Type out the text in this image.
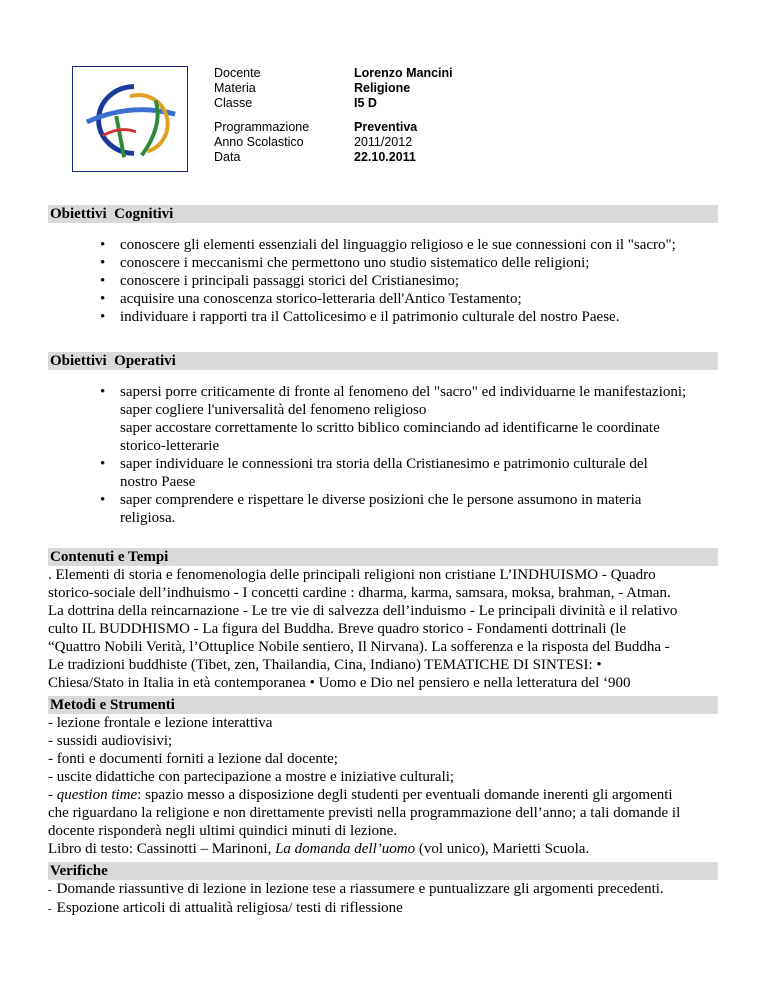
Docente
Materia
Classe
Lorenzo Mancini
Religione
I5 D
Programmazione
Anno Scolastico
Data
Preventiva
2011/2012
22.10.2011
Obiettivi  Cognitivi
• conoscere gli elementi essenziali del linguaggio religioso e le sue connessioni con il "sacro";
• conoscere i meccanismi che permettono uno studio sistematico delle religioni;
• conoscere i principali passaggi storici del Cristianesimo;
• acquisire una conoscenza storico-letteraria dell'Antico Testamento;
• individuare i rapporti tra il Cattolicesimo e il patrimonio culturale del nostro Paese.
Obiettivi  Operativi
• sapersi porre criticamente di fronte al fenomeno del "sacro" ed individuarne le manifestazioni;
saper cogliere l'universalità del fenomeno religioso
saper accostare correttamente lo scritto biblico cominciando ad identificarne le coordinate
storico-letterarie
• saper individuare le connessioni tra storia della Cristianesimo e patrimonio culturale del
nostro Paese
• saper comprendere e rispettare le diverse posizioni che le persone assumono in materia
religiosa.
Contenuti e Tempi
. Elementi di storia e fenomenologia delle principali religioni non cristiane L’INDHUISMO - Quadro
storico-sociale dell’indhuismo - I concetti cardine : dharma, karma, samsara, moksa, brahman, - Atman.
La dottrina della reincarnazione - Le tre vie di salvezza dell’induismo - Le principali divinità e il relativo
culto IL BUDDHISMO - La figura del Buddha. Breve quadro storico - Fondamenti dottrinali (le
“Quattro Nobili Verità, l’Ottuplice Nobile sentiero, Il Nirvana). La sofferenza e la risposta del Buddha -
Le tradizioni buddhiste (Tibet, zen, Thailandia, Cina, Indiano) TEMATICHE DI SINTESI: •
Chiesa/Stato in Italia in età contemporanea • Uomo e Dio nel pensiero e nella letteratura del ‘900
Metodi e Strumenti
- lezione frontale e lezione interattiva
- sussidi audiovisivi;
- fonti e documenti forniti a lezione dal docente;
- uscite didattiche con partecipazione a mostre e iniziative culturali;
- question time: spazio messo a disposizione degli studenti per eventuali domande inerenti gli argomenti
che riguardano la religione e non direttamente previsti nella programmazione dell’anno; a tali domande il
docente risponderà negli ultimi quindici minuti di lezione.
Libro di testo: Cassinotti – Marinoni, La domanda dell’uomo (vol unico), Marietti Scuola.
Verifiche
- Domande riassuntive di lezione in lezione tese a riassumere e puntualizzare gli argomenti precedenti.
- Espozione articoli di attualità religiosa/ testi di riflessione
